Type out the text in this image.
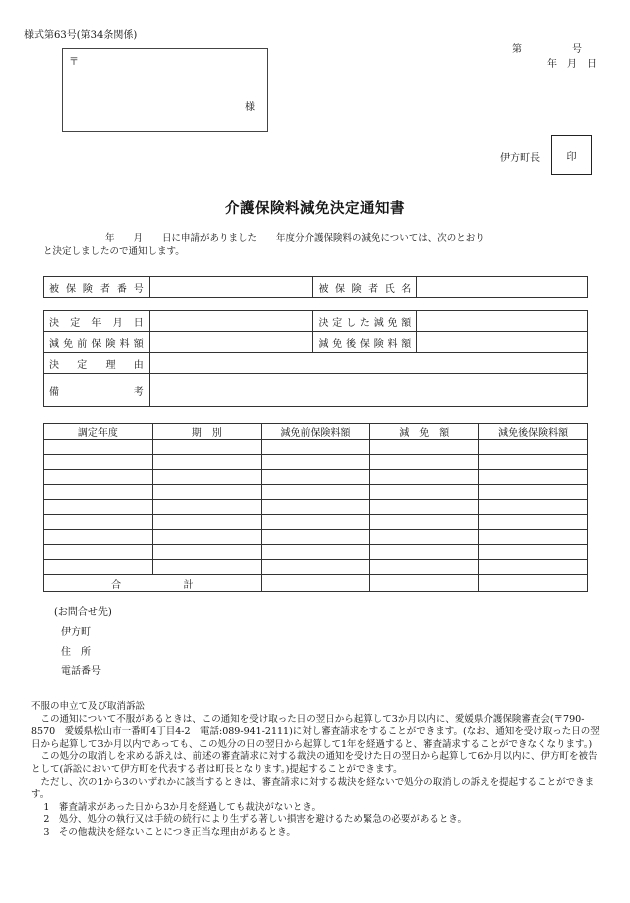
様式第63号(第34条関係)
〒
様
第　　　　　号
年　月　日
伊方町長	印
介護保険料減免決定通知書
年　　月　　日に申請がありました　　年度分介護保険料の減免については、次のとおり
と決定しましたので通知します。
被保険者番号		被保険者氏名	
決定年月日		決定した減免額	
減免前保険料額		減免後保険料額	
決定理由			
備考			
調定年度	期　別	減免前保険料額	減　免　額	減免後保険料額

合 計				

(お問合せ先)
伊方町
住　所
電話番号

不服の申立て及び取消訴訟

この通知について不服があるときは、この通知を受け取った日の翌日から起算して3か月以内に、愛媛県介護保険審査会(〒790-8570　愛媛県松山市一番町4丁目4-2　電話:089-941-2111)に対し審査請求をすることができます。(なお、通知を受け取った日の翌日から起算して3か月以内であっても、この処分の日の翌日から起算して1年を経過すると、審査請求することができなくなります。)

この処分の取消しを求める訴えは、前述の審査請求に対する裁決の通知を受けた日の翌日から起算して6か月以内に、伊方町を被告として(訴訟において伊方町を代表する者は町長となります。)提起することができます。

ただし、次の1から3のいずれかに該当するときは、審査請求に対する裁決を経ないで処分の取消しの訴えを提起することができます。

1　審査請求があった日から3か月を経過しても裁決がないとき。

2　処分、処分の執行又は手続の続行により生ずる著しい損害を避けるため緊急の必要があるとき。

3　その他裁決を経ないことにつき正当な理由があるとき。
